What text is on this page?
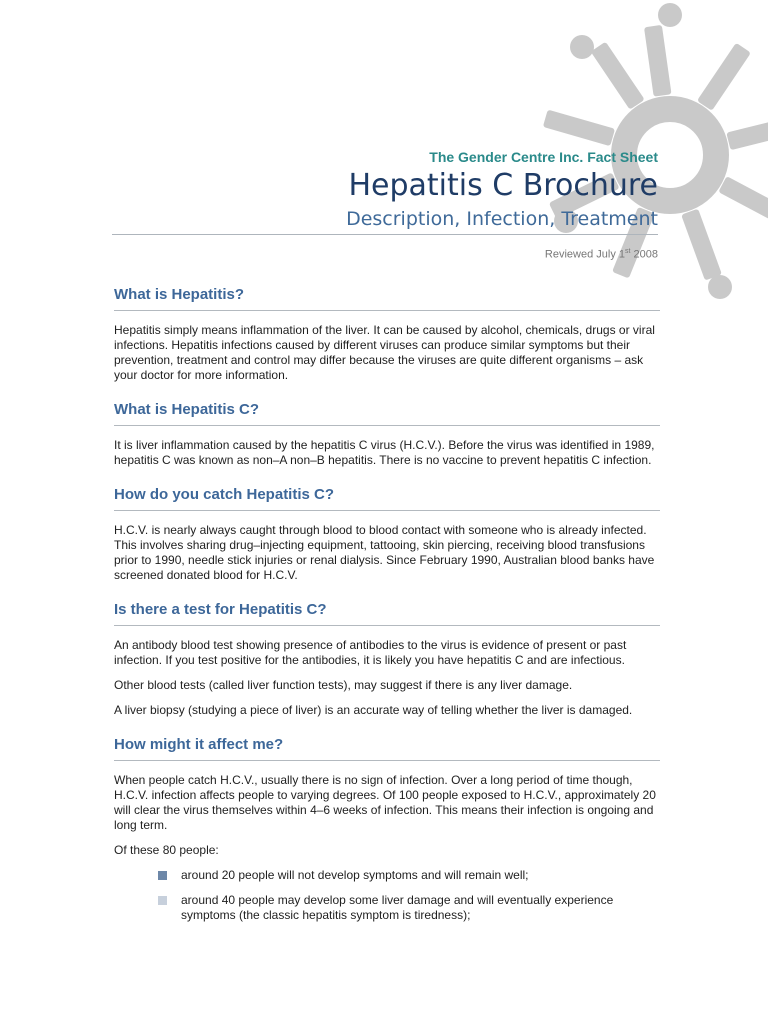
The Gender Centre Inc. Fact Sheet
Hepatitis C Brochure
Description, Infection, Treatment
Reviewed July 1st 2008
What is Hepatitis?

Hepatitis simply means inflammation of the liver. It can be caused by alcohol, chemicals, drugs or viral infections. Hepatitis infections caused by different viruses can produce similar symptoms but their prevention, treatment and control may differ because the viruses are quite different organisms – ask your doctor for more information.

What is Hepatitis C?

It is liver inflammation caused by the hepatitis C virus (H.C.V.). Before the virus was identified in 1989, hepatitis C was known as non–A non–B hepatitis. There is no vaccine to prevent hepatitis C infection.

How do you catch Hepatitis C?

H.C.V. is nearly always caught through blood to blood contact with someone who is already infected. This involves sharing drug–injecting equipment, tattooing, skin piercing, receiving blood transfusions prior to 1990, needle stick injuries or renal dialysis. Since February 1990, Australian blood banks have screened donated blood for H.C.V.

Is there a test for Hepatitis C?

An antibody blood test showing presence of antibodies to the virus is evidence of present or past infection. If you test positive for the antibodies, it is likely you have hepatitis C and are infectious.

Other blood tests (called liver function tests), may suggest if there is any liver damage.

A liver biopsy (studying a piece of liver) is an accurate way of telling whether the liver is damaged.

How might it affect me?

When people catch H.C.V., usually there is no sign of infection. Over a long period of time though, H.C.V. infection affects people to varying degrees. Of 100 people exposed to H.C.V., approximately 20 will clear the virus themselves within 4–6 weeks of infection. This means their infection is ongoing and long term.

Of these 80 people:

around 20 people will not develop symptoms and will remain well;
around 40 people may develop some liver damage and will eventually experience symptoms (the classic hepatitis symptom is tiredness);
